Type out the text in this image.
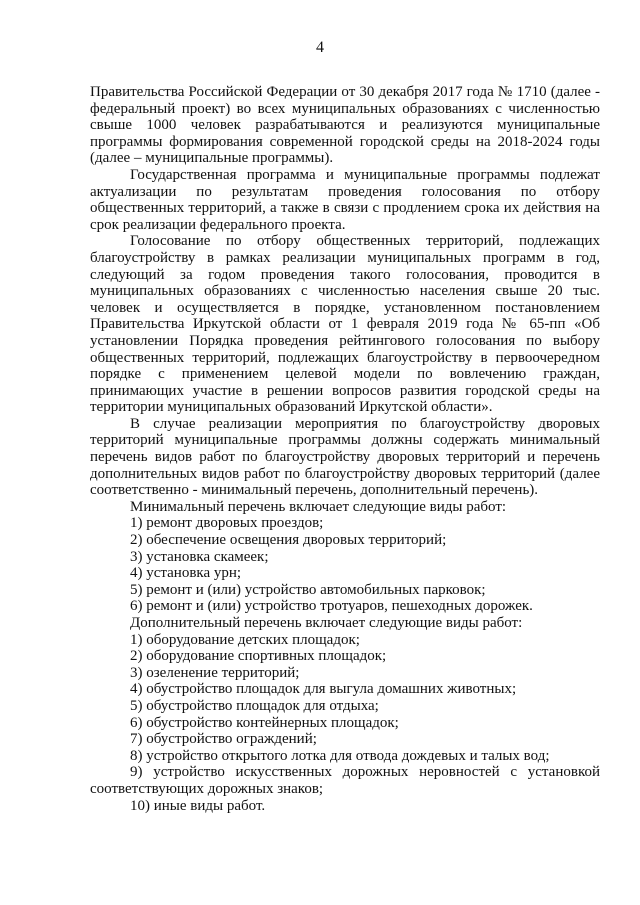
4

Правительства Российской Федерации от 30 декабря 2017 года № 1710 (далее - федеральный проект) во всех муниципальных образованиях с численностью свыше 1000 человек разрабатываются и реализуются муниципальные программы формирования современной городской среды на 2018-2024 годы (далее – муниципальные программы).

Государственная программа и муниципальные программы подлежат актуализации по результатам проведения голосования по отбору общественных территорий, а также в связи с продлением срока их действия на срок реализации федерального проекта.

Голосование по отбору общественных территорий, подлежащих благоустройству в рамках реализации муниципальных программ в год, следующий за годом проведения такого голосования, проводится в муниципальных образованиях с численностью населения свыше 20 тыс. человек и осуществляется в порядке, установленном постановлением Правительства Иркутской области от 1 февраля 2019 года № 65-пп «Об установлении Порядка проведения рейтингового голосования по выбору общественных территорий, подлежащих благоустройству в первоочередном порядке с применением целевой модели по вовлечению граждан, принимающих участие в решении вопросов развития городской среды на территории муниципальных образований Иркутской области».

В случае реализации мероприятия по благоустройству дворовых территорий муниципальные программы должны содержать минимальный перечень видов работ по благоустройству дворовых территорий и перечень дополнительных видов работ по благоустройству дворовых территорий (далее соответственно - минимальный перечень, дополнительный перечень).

Минимальный перечень включает следующие виды работ:

1) ремонт дворовых проездов;

2) обеспечение освещения дворовых территорий;

3) установка скамеек;

4) установка урн;

5) ремонт и (или) устройство автомобильных парковок;

6) ремонт и (или) устройство тротуаров, пешеходных дорожек.

Дополнительный перечень включает следующие виды работ:

1) оборудование детских площадок;

2) оборудование спортивных площадок;

3) озеленение территорий;

4) обустройство площадок для выгула домашних животных;

5) обустройство площадок для отдыха;

6) обустройство контейнерных площадок;

7) обустройство ограждений;

8) устройство открытого лотка для отвода дождевых и талых вод;

9) устройство искусственных дорожных неровностей с установкой соответствующих дорожных знаков;

10) иные виды работ.
